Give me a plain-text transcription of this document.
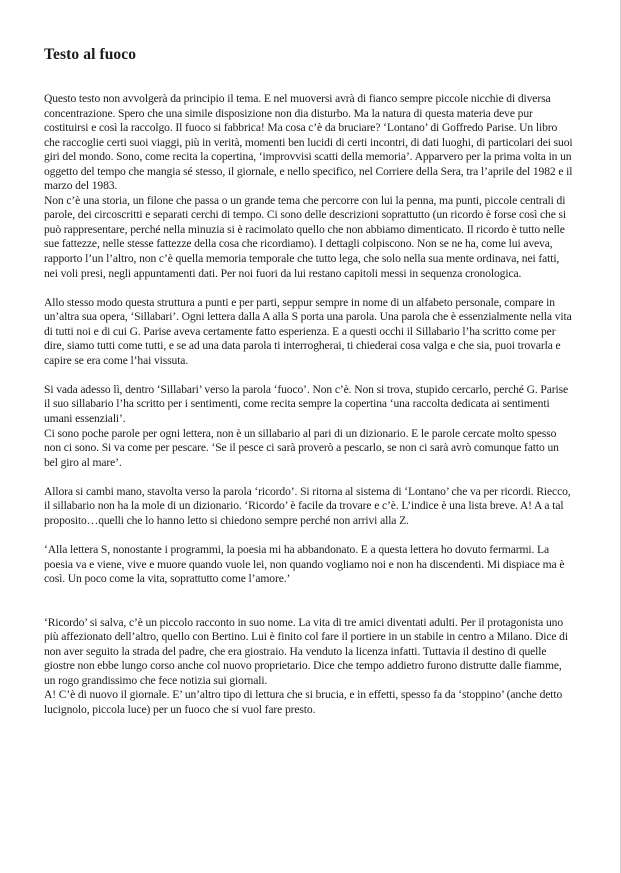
Testo al fuoco

Questo testo non avvolgerà da principio il tema. E nel muoversi avrà di fianco sempre piccole nicchie di diversa concentrazione. Spero che una simile disposizione non dia disturbo. Ma la natura di questa materia deve pur costituirsi e così la raccolgo. Il fuoco si fabbrica! Ma cosa c’è da bruciare? ‘Lontano’ di Goffredo Parise. Un libro che raccoglie certi suoi viaggi, più in verità, momenti ben lucidi di certi incontri, di dati luoghi, di particolari dei suoi giri del mondo. Sono, come recita la copertina, ‘improvvisi scatti della memoria’. Apparvero per la prima volta in un oggetto del tempo che mangia sé stesso, il giornale, e nello specifico, nel Corriere della Sera, tra l’aprile del 1982 e il marzo del 1983.

Non c’è una storia, un filone che passa o un grande tema che percorre con lui la penna, ma punti, piccole centrali di parole, dei circoscritti e separati cerchi di tempo. Ci sono delle descrizioni soprattutto (un ricordo è forse così che si può rappresentare, perché nella minuzia si è racimolato quello che non abbiamo dimenticato. Il ricordo è tutto nelle sue fattezze, nelle stesse fattezze della cosa che ricordiamo). I dettagli colpiscono. Non se ne ha, come lui aveva, rapporto l’un l’altro, non c’è quella memoria temporale che tutto lega, che solo nella sua mente ordinava, nei fatti, nei voli presi, negli appuntamenti dati. Per noi fuori da lui restano capitoli messi in sequenza cronologica.

Allo stesso modo questa struttura a punti e per parti, seppur sempre in nome di un alfabeto personale, compare in un’altra sua opera, ‘Sillabari’. Ogni lettera dalla A alla S porta una parola. Una parola che è essenzialmente nella vita di tutti noi e di cui G. Parise aveva certamente fatto esperienza. E a questi occhi il Sillabario l’ha scritto come per dire, siamo tutti come tutti, e se ad una data parola ti interrogherai, ti chiederai cosa valga e che sia, puoi trovarla e capire se era come l’hai vissuta.

Si vada adesso lì, dentro ‘Sillabari’ verso la parola ‘fuoco’. Non c’è. Non si trova, stupido cercarlo, perché G. Parise il suo sillabario l’ha scritto per i sentimenti, come recita sempre la copertina ‘una raccolta dedicata ai sentimenti umani essenziali’.

Ci sono poche parole per ogni lettera, non è un sillabario al pari di un dizionario. E le parole cercate molto spesso non ci sono. Si va come per pescare. ‘Se il pesce ci sarà proverò a pescarlo, se non ci sarà avrò comunque fatto un bel giro al mare’.

Allora si cambi mano, stavolta verso la parola ‘ricordo’. Si ritorna al sistema di ‘Lontano’ che va per ricordi. Riecco, il sillabario non ha la mole di un dizionario. ‘Ricordo’ è facile da trovare e c’è. L’indice è una lista breve. A! A a tal proposito…quelli che lo hanno letto si chiedono sempre perché non arrivi alla Z.

‘Alla lettera S, nonostante i programmi, la poesia mi ha abbandonato. E a questa lettera ho dovuto fermarmi. La poesia va e viene, vive e muore quando vuole lei, non quando vogliamo noi e non ha discendenti. Mi dispiace ma è così. Un poco come la vita, soprattutto come l’amore.’

‘Ricordo’ si salva, c’è un piccolo racconto in suo nome. La vita di tre amici diventati adulti. Per il protagonista uno più affezionato dell’altro, quello con Bertino. Lui è finito col fare il portiere in un stabile in centro a Milano. Dice di non aver seguito la strada del padre, che era giostraio. Ha venduto la licenza infatti. Tuttavia il destino di quelle giostre non ebbe lungo corso anche col nuovo proprietario. Dice che tempo addietro furono distrutte dalle fiamme, un rogo grandissimo che fece notizia sui giornali.

A! C’è di nuovo il giornale. E’ un’altro tipo di lettura che si brucia, e in effetti, spesso fa da ‘stoppino’ (anche detto lucignolo, piccola luce) per un fuoco che si vuol fare presto.
